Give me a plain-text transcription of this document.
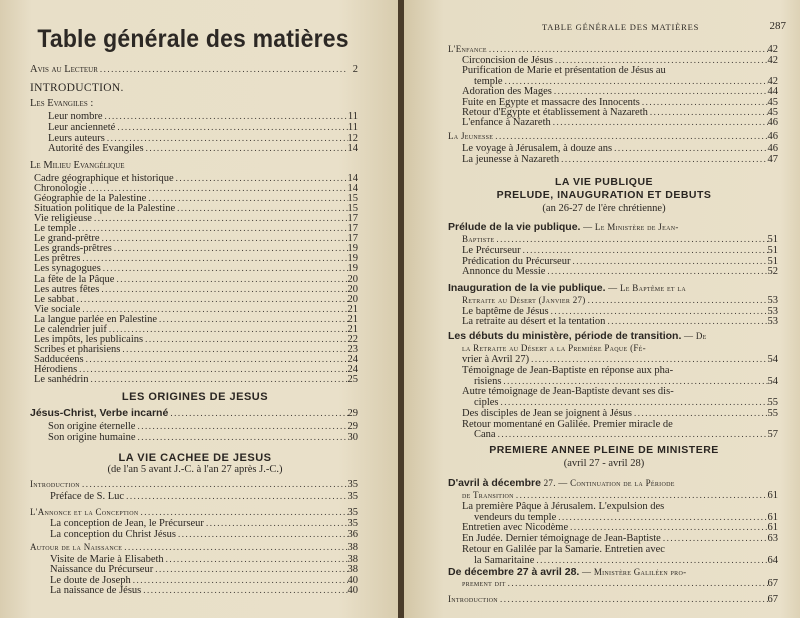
Table générale des matières
Avis au Lecteur .....	2
INTRODUCTION.
Les Evangiles :
Leur nombre .....	11
Leur ancienneté .....	11
Leurs auteurs .....	12
Autorité des Evangiles .....	14
Le Milieu Evangélique
Cadre géographique et historique .....	14
Chronologie .....	14
Géographie de la Palestine .....	15
Situation politique de la Palestine .....	15
Vie religieuse .....	17
Le temple .....	17
Le grand-prêtre .....	17
Les grands-prêtres .....	19
Les prêtres .....	19
Les synagogues .....	19
La fête de la Pâque .....	20
Les autres fêtes .....	20
Le sabbat .....	20
Vie sociale .....	21
La langue parlée en Palestine .....	21
Le calendrier juif .....	21
Les impôts, les publicains .....	22
Scribes et pharisiens .....	23
Sadducéens .....	24
Hérodiens .....	24
Le sanhédrin .....	25
LES ORIGINES DE JESUS
Jésus-Christ, Verbe incarné .....	29
Son origine éternelle .....	29
Son origine humaine .....	30
LA VIE CACHEE DE JESUS
(de l'an 5 avant J.-C. à l'an 27 après J.-C.)
Introduction .....	35
Préface de S. Luc .....	35
L'Annonce et la Conception .....	35
La conception de Jean, le Précurseur .....	35
La conception du Christ Jésus .....	36
Autour de la Naissance .....	38
Visite de Marie à Elisabeth .....	38
Naissance du Précurseur .....	38
Le doute de Joseph .....	40
La naissance de Jésus .....	40
TABLE GÉNÉRALE DES MATIÈRES	287
L'Enfance .....	42
Circoncision de Jésus .....	42
Purification de Marie et présentation de Jésus au
temple .....	42
Adoration des Mages .....	44
Fuite en Egypte et massacre des Innocents .....	45
Retour d'Egypte et établissement à Nazareth .....	45
L'enfance à Nazareth .....	46
La Jeunesse .....	46
Le voyage à Jérusalem, à douze ans .....	46
La jeunesse à Nazareth .....	47
LA VIE PUBLIQUE
PRELUDE, INAUGURATION ET DEBUTS
(an 26-27 de l'ère chrétienne)
Prélude de la vie publique. — Le Ministère de Jean-
Baptiste .....	51
Le Précurseur .....	51
Prédication du Précurseur .....	51
Annonce du Messie .....	52
Inauguration de la vie publique. — Le Baptême et la
Retraite au Désert (Janvier 27) .....	53
Le baptême de Jésus .....	53
La retraite au désert et la tentation .....	53
Les débuts du ministère, période de transition. — De
la Retraite au Désert a la Première Paque (Fé-
vrier à Avril 27) .....	54
Témoignage de Jean-Baptiste en réponse aux pha-
risiens .....	54
Autre témoignage de Jean-Baptiste devant ses dis-
ciples .....	55
Des disciples de Jean se joignent à Jésus .....	55
Retour momentané en Galilée. Premier miracle de
Cana .....	57
PREMIERE ANNEE PLEINE DE MINISTERE
(avril 27 - avril 28)
D'avril à décembre 27. — Continuation de la Période
de Transition .....	61
La première Pâque à Jérusalem. L'expulsion des
vendeurs du temple .....	61
Entretien avec Nicodème .....	61
En Judée. Dernier témoignage de Jean-Baptiste .....	63
Retour en Galilée par la Samarie. Entretien avec
la Samaritaine .....	64
De décembre 27 à avril 28. — Ministère Galiléen pro-
prement dit .....	67
Introduction .....	67
